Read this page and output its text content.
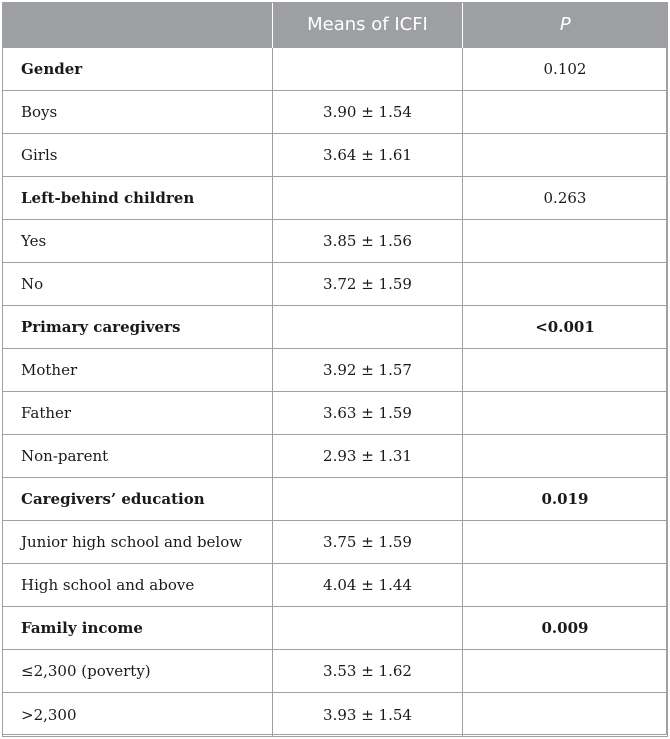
	Means of ICFI	P
Gender		0.102
Boys	3.90 ± 1.54	
Girls	3.64 ± 1.61	
Left-behind children		0.263
Yes	3.85 ± 1.56	
No	3.72 ± 1.59	
Primary caregivers		<0.001
Mother	3.92 ± 1.57	
Father	3.63 ± 1.59	
Non-parent	2.93 ± 1.31	
Caregivers’ education		0.019
Junior high school and below	3.75 ± 1.59	
High school and above	4.04 ± 1.44	
Family income		0.009
≤2,300 (poverty)	3.53 ± 1.62	
>2,300	3.93 ± 1.54	
